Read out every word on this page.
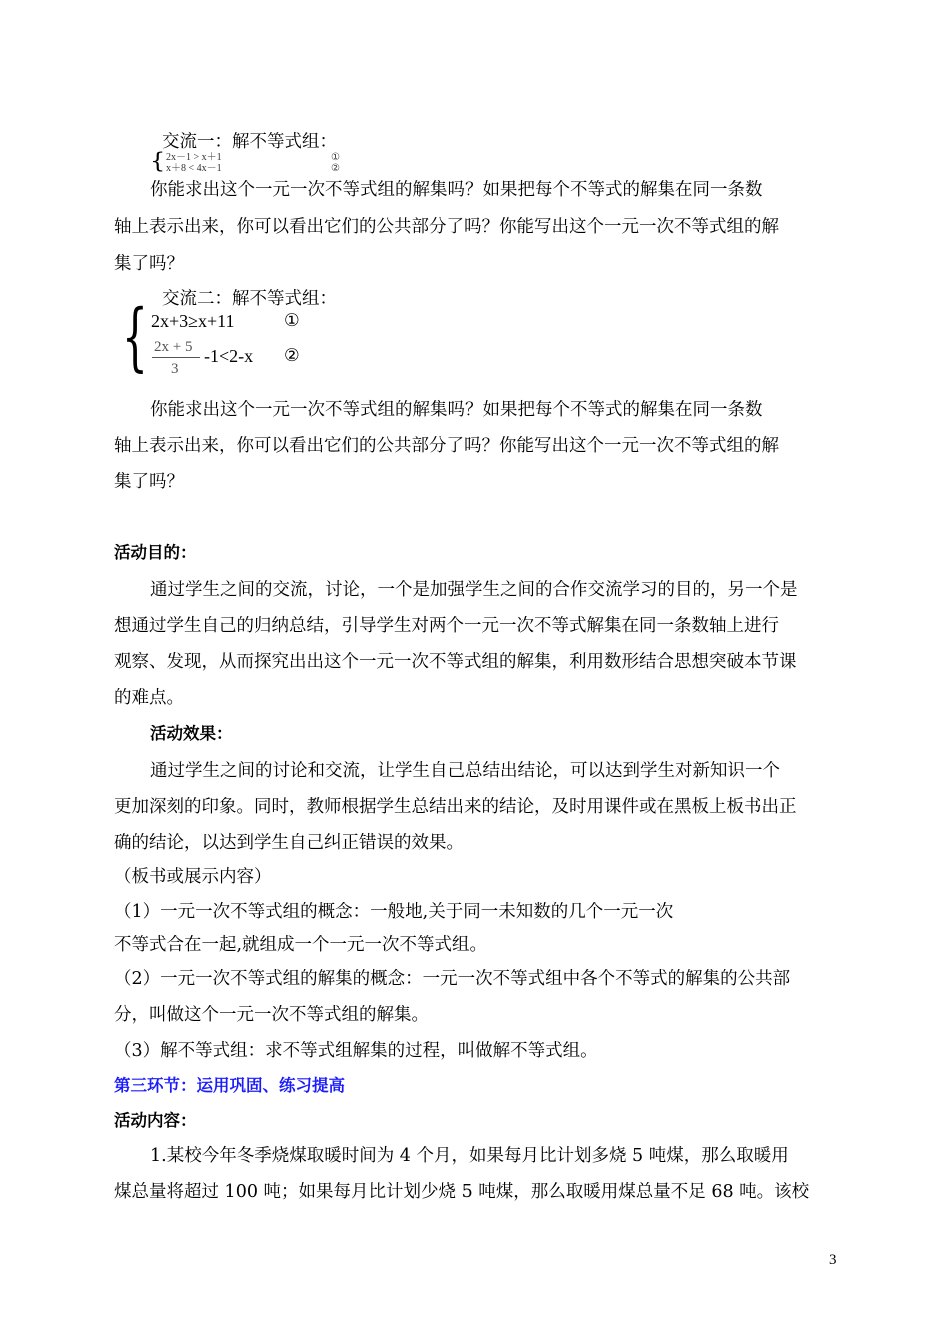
交流一：解不等式组：
{ 2x－1 > x＋1
x＋8 < 4x－1
①
②
你能求出这个一元一次不等式组的解集吗？如果把每个不等式的解集在同一条数
轴上表示出来，你可以看出它们的公共部分了吗？你能写出这个一元一次不等式组的解
集了吗？
交流二：解不等式组：
{ 2x+3≥x+11	①
2x + 5
3
-1<2-x ②
你能求出这个一元一次不等式组的解集吗？如果把每个不等式的解集在同一条数
轴上表示出来，你可以看出它们的公共部分了吗？你能写出这个一元一次不等式组的解
集了吗？
活动目的：
通过学生之间的交流，讨论，一个是加强学生之间的合作交流学习的目的，另一个是
想通过学生自己的归纳总结，引导学生对两个一元一次不等式解集在同一条数轴上进行
观察、发现，从而探究出出这个一元一次不等式组的解集，利用数形结合思想突破本节课
的难点。
活动效果：
通过学生之间的讨论和交流，让学生自己总结出结论，可以达到学生对新知识一个
更加深刻的印象。同时，教师根据学生总结出来的结论，及时用课件或在黑板上板书出正
确的结论，以达到学生自己纠正错误的效果。
（板书或展示内容）
（1）一元一次不等式组的概念：一般地,关于同一未知数的几个一元一次
不等式合在一起,就组成一个一元一次不等式组。
（2）一元一次不等式组的解集的概念：一元一次不等式组中各个不等式的解集的公共部
分，叫做这个一元一次不等式组的解集。
（3）解不等式组：求不等式组解集的过程，叫做解不等式组。
第三环节：运用巩固、练习提高
活动内容：
1.某校今年冬季烧煤取暖时间为 4 个月，如果每月比计划多烧 5 吨煤，那么取暖用
煤总量将超过 100 吨；如果每月比计划少烧 5 吨煤，那么取暖用煤总量不足 68 吨。该校
3
